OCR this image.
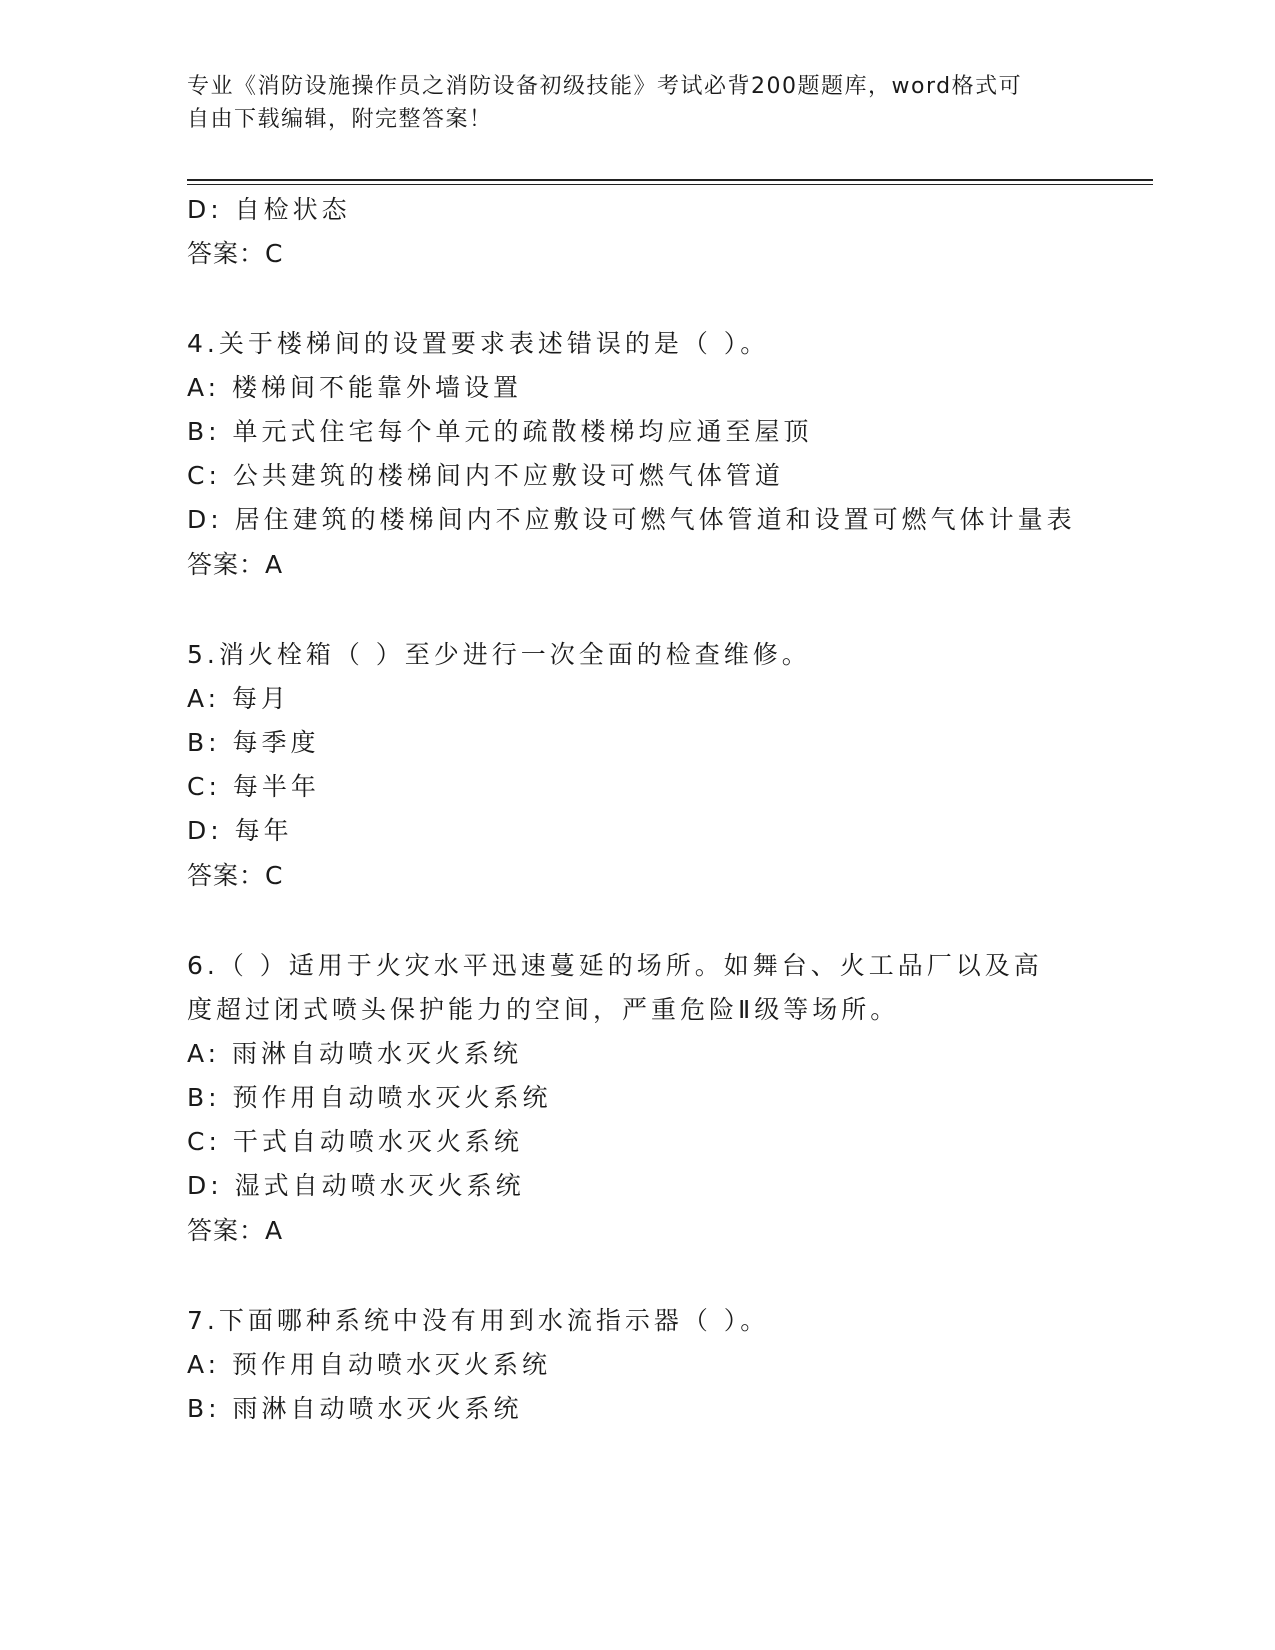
专业《消防设施操作员之消防设备初级技能》考试必背200题题库，word格式可
自由下载编辑，附完整答案！
D: 自检状态
答案：C
4.关于楼梯间的设置要求表述错误的是（ ）。
A: 楼梯间不能靠外墙设置
B: 单元式住宅每个单元的疏散楼梯均应通至屋顶
C: 公共建筑的楼梯间内不应敷设可燃气体管道
D: 居住建筑的楼梯间内不应敷设可燃气体管道和设置可燃气体计量表
答案：A
5.消火栓箱（ ）至少进行一次全面的检查维修。
A: 每月
B: 每季度
C: 每半年
D: 每年
答案：C
6.（ ）适用于火灾水平迅速蔓延的场所。如舞台、火工品厂以及高
度超过闭式喷头保护能力的空间，严重危险Ⅱ级等场所。
A: 雨淋自动喷水灭火系统
B: 预作用自动喷水灭火系统
C: 干式自动喷水灭火系统
D: 湿式自动喷水灭火系统
答案：A
7.下面哪种系统中没有用到水流指示器（ ）。
A: 预作用自动喷水灭火系统
B: 雨淋自动喷水灭火系统
